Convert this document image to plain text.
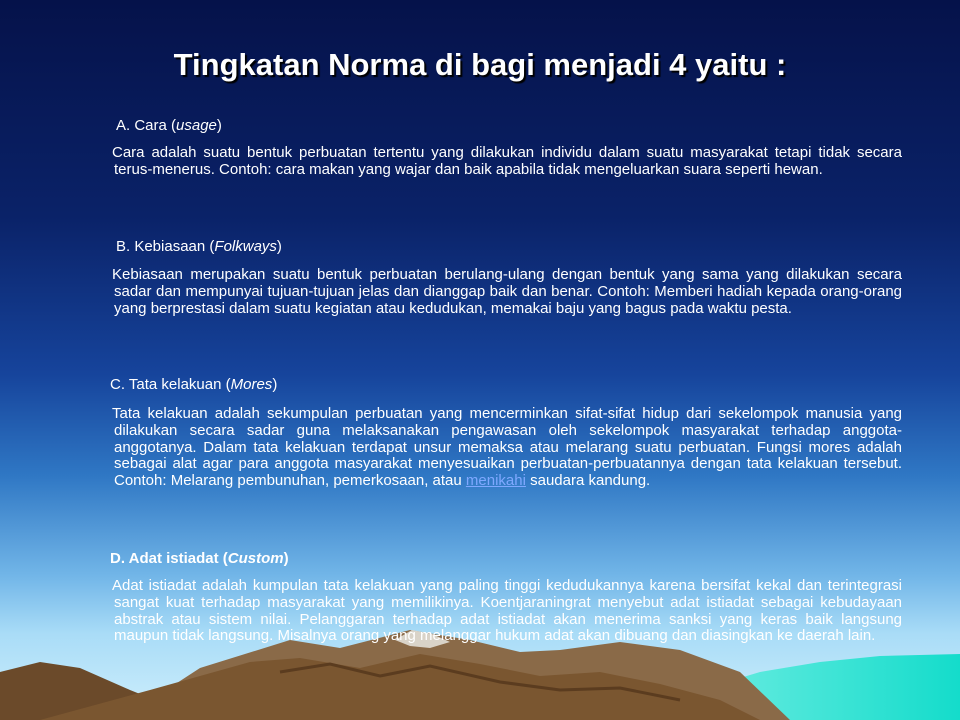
Tingkatan Norma di bagi menjadi 4 yaitu :

A. Cara (usage)

Cara adalah suatu bentuk perbuatan tertentu yang dilakukan individu dalam suatu masyarakat tetapi tidak secara terus-menerus. Contoh: cara makan yang wajar dan baik apabila tidak mengeluarkan suara seperti hewan.

B. Kebiasaan (Folkways)

Kebiasaan merupakan suatu bentuk perbuatan berulang-ulang dengan bentuk yang sama yang dilakukan secara sadar dan mempunyai tujuan-tujuan jelas dan dianggap baik dan benar. Contoh: Memberi hadiah kepada orang-orang yang berprestasi dalam suatu kegiatan atau kedudukan, memakai baju yang bagus pada waktu pesta.

C. Tata kelakuan (Mores)

Tata kelakuan adalah sekumpulan perbuatan yang mencerminkan sifat-sifat hidup dari sekelompok manusia yang dilakukan secara sadar guna melaksanakan pengawasan oleh sekelompok masyarakat terhadap anggota-anggotanya. Dalam tata kelakuan terdapat unsur memaksa atau melarang suatu perbuatan. Fungsi mores adalah sebagai alat agar para anggota masyarakat menyesuaikan perbuatan-perbuatannya dengan tata kelakuan tersebut. Contoh: Melarang pembunuhan, pemerkosaan, atau menikahi saudara kandung.

D. Adat istiadat (Custom)

Adat istiadat adalah kumpulan tata kelakuan yang paling tinggi kedudukannya karena bersifat kekal dan terintegrasi sangat kuat terhadap masyarakat yang memilikinya. Koentjaraningrat menyebut adat istiadat sebagai kebudayaan abstrak atau sistem nilai. Pelanggaran terhadap adat istiadat akan menerima sanksi yang keras baik langsung maupun tidak langsung. Misalnya orang yang melanggar hukum adat akan dibuang dan diasingkan ke daerah lain.
